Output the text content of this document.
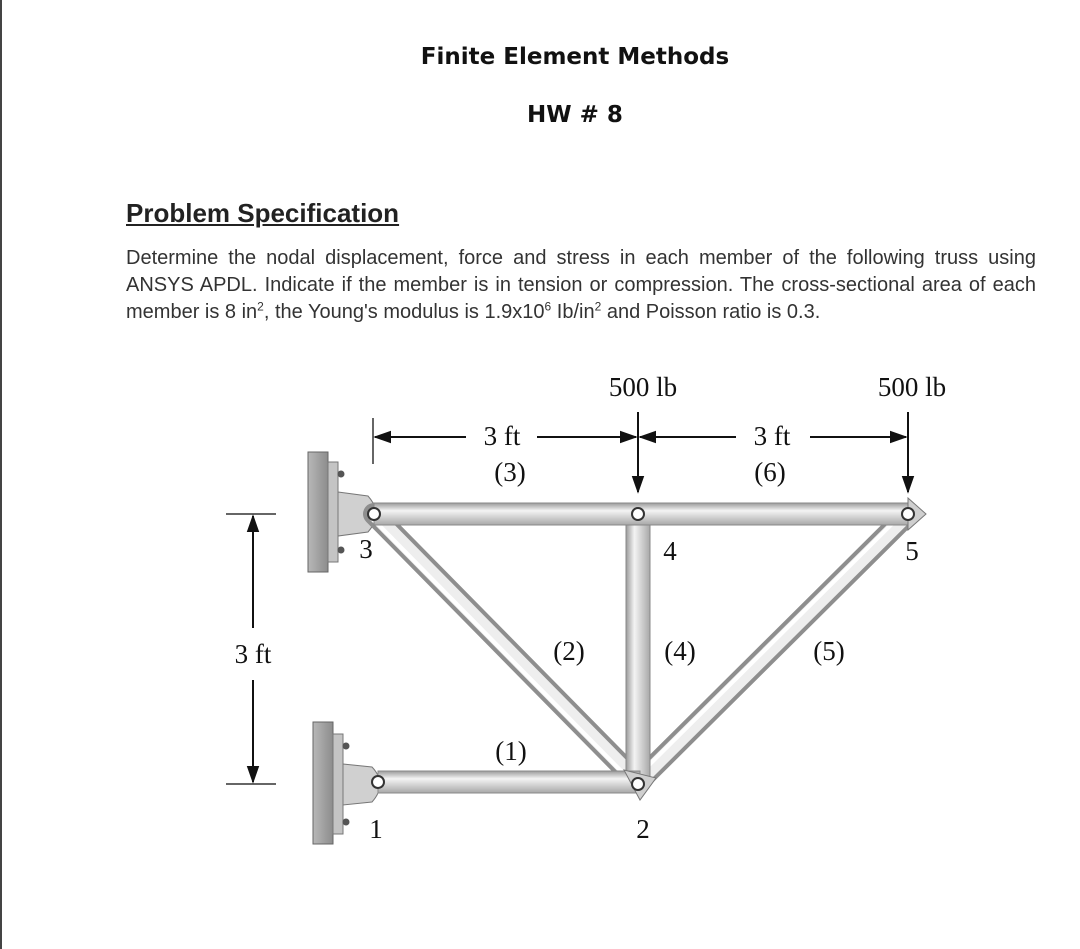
Finite Element Methods
HW # 8
Problem Specification
Determine the nodal displacement, force and stress in each member of the following truss using ANSYS APDL. Indicate if the member is in tension or compression. The cross-sectional area of each member is 8 $in^2$, the Young's modulus is $1.9x10^6$ $Ib/in^2$ and Poisson ratio is 0.3.
500 lb	500 lb
3 ft	3 ft
3 ft
(1)
(2)
(3)
(4)	(5)
(6)
1	2
3	4	5
